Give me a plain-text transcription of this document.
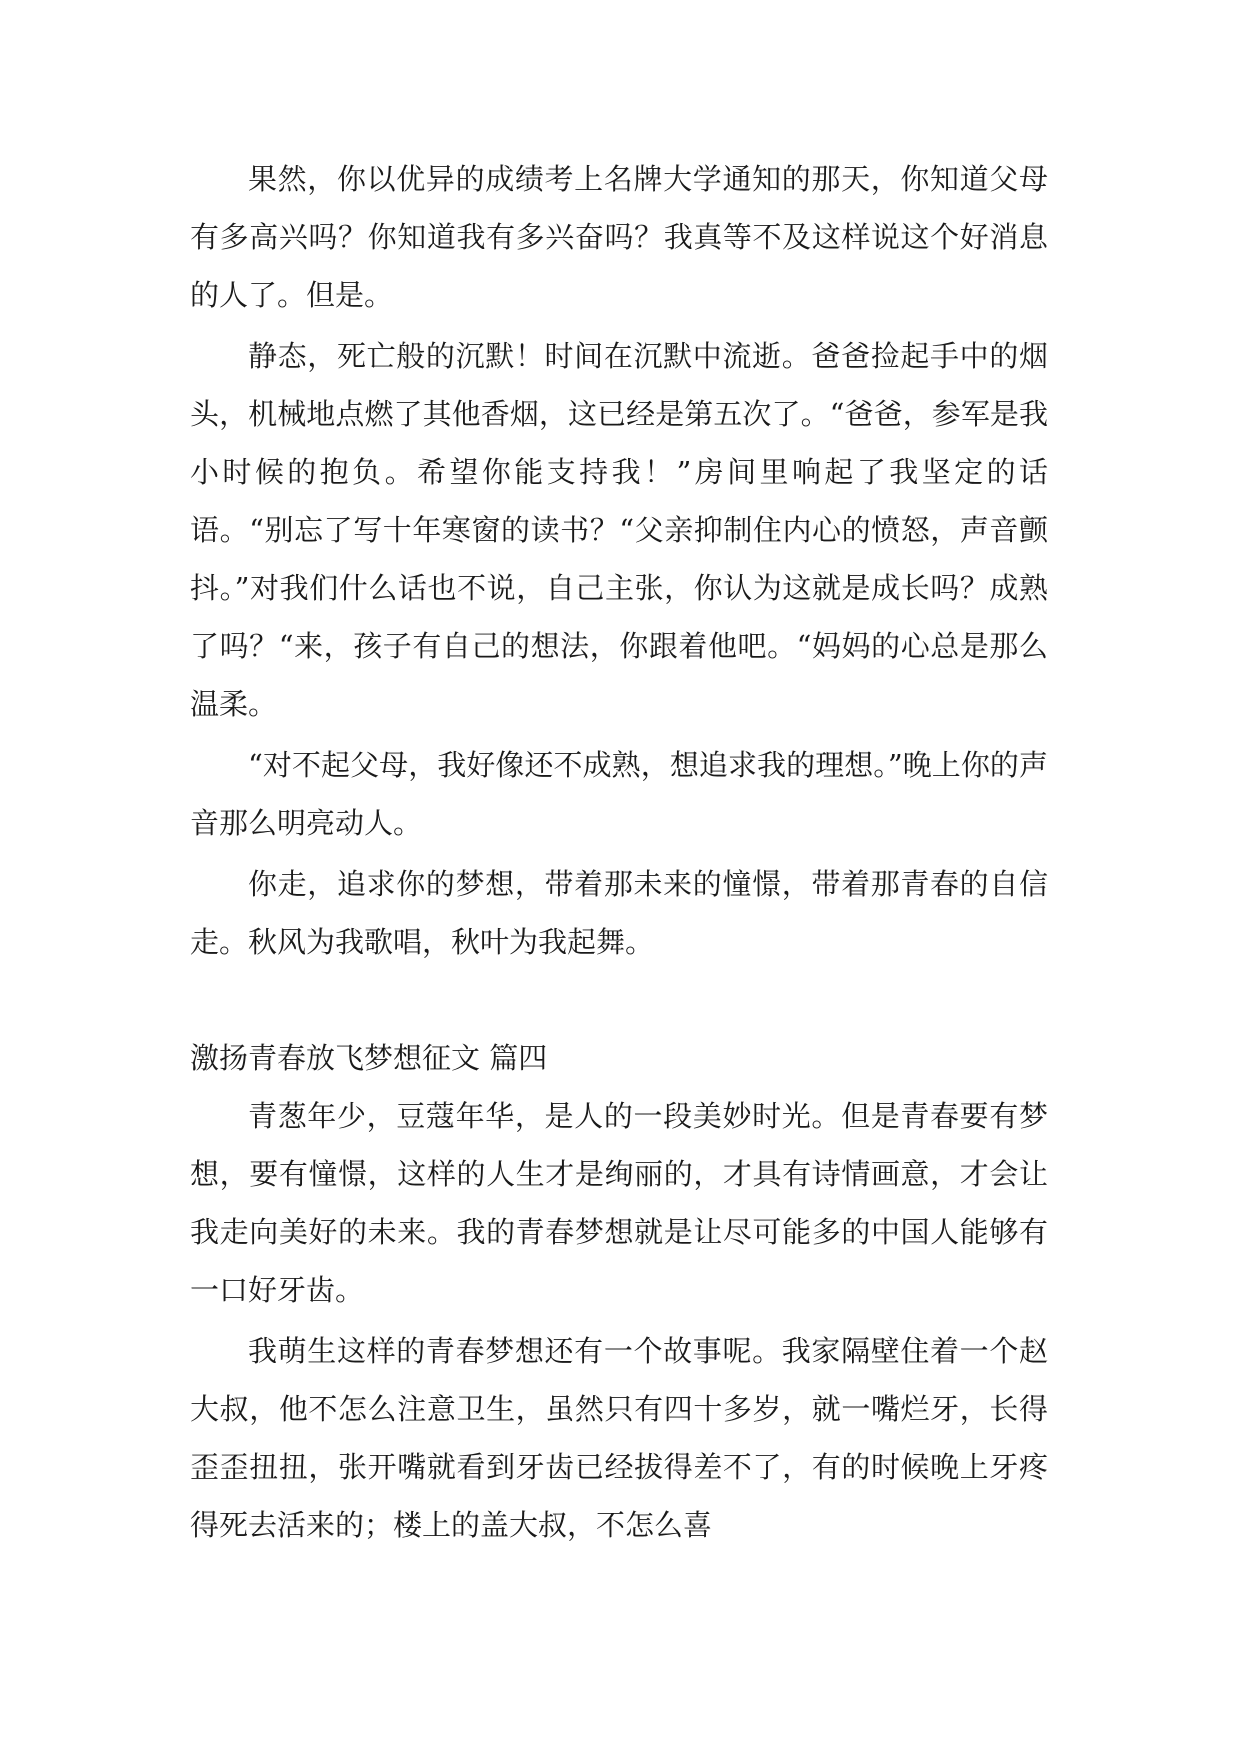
果然，你以优异的成绩考上名牌大学通知的那天，你知道父母有多高兴吗？你知道我有多兴奋吗？我真等不及这样说这个好消息的人了。但是。

静态，死亡般的沉默！时间在沉默中流逝。爸爸捡起手中的烟头，机械地点燃了其他香烟，这已经是第五次了。“爸爸，参军是我小时候的抱负。希望你能支持我！”房间里响起了我坚定的话语。“别忘了写十年寒窗的读书？“父亲抑制住内心的愤怒，声音颤抖。”对我们什么话也不说，自己主张，你认为这就是成长吗？成熟了吗？“来，孩子有自己的想法，你跟着他吧。“妈妈的心总是那么温柔。

“对不起父母，我好像还不成熟，想追求我的理想。”晚上你的声音那么明亮动人。

你走，追求你的梦想，带着那未来的憧憬，带着那青春的自信走。秋风为我歌唱，秋叶为我起舞。

激扬青春放飞梦想征文 篇四

青葱年少，豆蔻年华，是人的一段美妙时光。但是青春要有梦想，要有憧憬，这样的人生才是绚丽的，才具有诗情画意，才会让我走向美好的未来。我的青春梦想就是让尽可能多的中国人能够有一口好牙齿。

我萌生这样的青春梦想还有一个故事呢。我家隔壁住着一个赵大叔，他不怎么注意卫生，虽然只有四十多岁，就一嘴烂牙，长得歪歪扭扭，张开嘴就看到牙齿已经拔得差不了，有的时候晚上牙疼得死去活来的；楼上的盖大叔，不怎么喜
